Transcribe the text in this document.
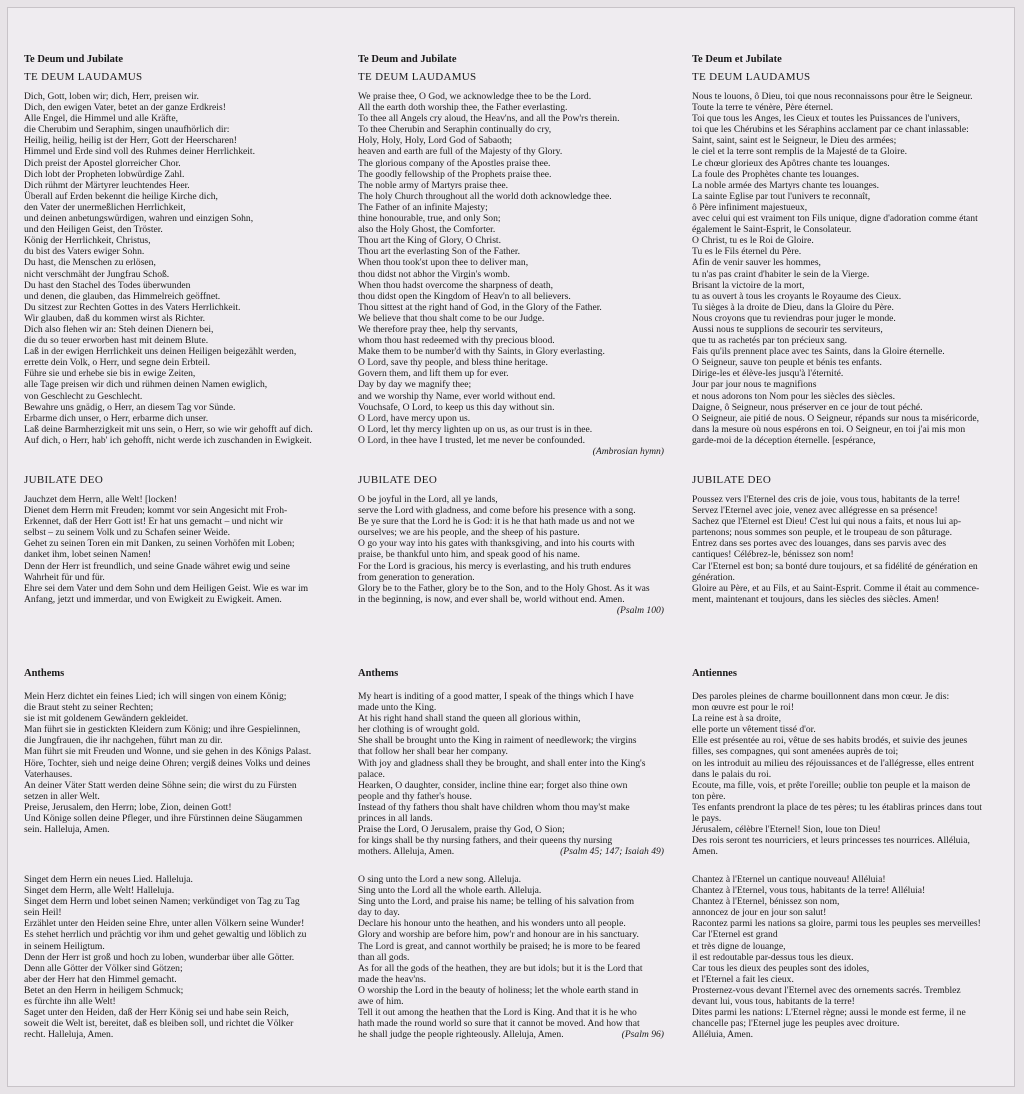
Te Deum und Jubilate
TE DEUM LAUDAMUS

Dich, Gott, loben wir; dich, Herr, preisen wir.
Dich, den ewigen Vater, betet an der ganze Erdkreis!
Alle Engel, die Himmel und alle Kräfte,
die Cherubim und Seraphim, singen unaufhörlich dir:
Heilig, heilig, heilig ist der Herr, Gott der Heerscharen!
Himmel und Erde sind voll des Ruhmes deiner Herrlichkeit.
Dich preist der Apostel glorreicher Chor.
Dich lobt der Propheten lobwürdige Zahl.
Dich rühmt der Märtyrer leuchtendes Heer.
Überall auf Erden bekennt die heilige Kirche dich,
den Vater der unermeßlichen Herrlichkeit,
und deinen anbetungswürdigen, wahren und einzigen Sohn,
und den Heiligen Geist, den Tröster.
König der Herrlichkeit, Christus,
du bist des Vaters ewiger Sohn.
Du hast, die Menschen zu erlösen,
nicht verschmäht der Jungfrau Schoß.
Du hast den Stachel des Todes überwunden
und denen, die glauben, das Himmelreich geöffnet.
Du sitzest zur Rechten Gottes in des Vaters Herrlichkeit.
Wir glauben, daß du kommen wirst als Richter.
Dich also flehen wir an: Steh deinen Dienern bei,
die du so teuer erworben hast mit deinem Blute.
Laß in der ewigen Herrlichkeit uns deinen Heiligen beigezählt werden,
errette dein Volk, o Herr, und segne dein Erbteil.
Führe sie und erhebe sie bis in ewige Zeiten,
alle Tage preisen wir dich und rühmen deinen Namen ewiglich,
von Geschlecht zu Geschlecht.
Bewahre uns gnädig, o Herr, an diesem Tag vor Sünde.
Erbarme dich unser, o Herr, erbarme dich unser.
Laß deine Barmherzigkeit mit uns sein, o Herr, so wie wir gehofft auf dich.
Auf dich, o Herr, hab' ich gehofft, nicht werde ich zuschanden in Ewigkeit.

JUBILATE DEO

Jauchzet dem Herrn, alle Welt! [locken!
Dienet dem Herrn mit Freuden; kommt vor sein Angesicht mit Froh-
Erkennet, daß der Herr Gott ist! Er hat uns gemacht – und nicht wir
selbst – zu seinem Volk und zu Schafen seiner Weide.
Gehet zu seinen Toren ein mit Danken, zu seinen Vorhöfen mit Loben;
danket ihm, lobet seinen Namen!
Denn der Herr ist freundlich, und seine Gnade währet ewig und seine
Wahrheit für und für.
Ehre sei dem Vater und dem Sohn und dem Heiligen Geist. Wie es war im
Anfang, jetzt und immerdar, und von Ewigkeit zu Ewigkeit. Amen.

Anthems

Mein Herz dichtet ein feines Lied; ich will singen von einem König;
die Braut steht zu seiner Rechten;
sie ist mit goldenem Gewändern gekleidet.
Man führt sie in gestickten Kleidern zum König; und ihre Gespielinnen,
die Jungfrauen, die ihr nachgehen, führt man zu dir.
Man führt sie mit Freuden und Wonne, und sie gehen in des Königs Palast.
Höre, Tochter, sieh und neige deine Ohren; vergiß deines Volks und deines
Vaterhauses.
An deiner Väter Statt werden deine Söhne sein; die wirst du zu Fürsten
setzen in aller Welt.
Preise, Jerusalem, den Herrn; lobe, Zion, deinen Gott!
Und Könige sollen deine Pfleger, und ihre Fürstinnen deine Säugammen
sein. Halleluja, Amen.

Singet dem Herrn ein neues Lied. Halleluja.
Singet dem Herrn, alle Welt! Halleluja.
Singet dem Herrn und lobet seinen Namen; verkündiget von Tag zu Tag
sein Heil!
Erzählet unter den Heiden seine Ehre, unter allen Völkern seine Wunder!
Es stehet herrlich und prächtig vor ihm und gehet gewaltig und löblich zu
in seinem Heiligtum.
Denn der Herr ist groß und hoch zu loben, wunderbar über alle Götter.
Denn alle Götter der Völker sind Götzen;
aber der Herr hat den Himmel gemacht.
Betet an den Herrn in heiligem Schmuck;
es fürchte ihn alle Welt!
Saget unter den Heiden, daß der Herr König sei und habe sein Reich,
soweit die Welt ist, bereitet, daß es bleiben soll, und richtet die Völker
recht. Halleluja, Amen.

Te Deum and Jubilate
TE DEUM LAUDAMUS

We praise thee, O God, we acknowledge thee to be the Lord.
All the earth doth worship thee, the Father everlasting.
To thee all Angels cry aloud, the Heav'ns, and all the Pow'rs therein.
To thee Cherubin and Seraphin continually do cry,
Holy, Holy, Holy, Lord God of Sabaoth;
heaven and earth are full of the Majesty of thy Glory.
The glorious company of the Apostles praise thee.
The goodly fellowship of the Prophets praise thee.
The noble army of Martyrs praise thee.
The holy Church throughout all the world doth acknowledge thee.
The Father of an infinite Majesty;
thine honourable, true, and only Son;
also the Holy Ghost, the Comforter.
Thou art the King of Glory, O Christ.
Thou art the everlasting Son of the Father.
When thou took'st upon thee to deliver man,
thou didst not abhor the Virgin's womb.
When thou hadst overcome the sharpness of death,
thou didst open the Kingdom of Heav'n to all believers.
Thou sittest at the right hand of God, in the Glory of the Father.
We believe that thou shalt come to be our Judge.
We therefore pray thee, help thy servants,
whom thou hast redeemed with thy precious blood.
Make them to be number'd with thy Saints, in Glory everlasting.
O Lord, save thy people, and bless thine heritage.
Govern them, and lift them up for ever.
Day by day we magnify thee;
and we worship thy Name, ever world without end.
Vouchsafe, O Lord, to keep us this day without sin.
O Lord, have mercy upon us.
O Lord, let thy mercy lighten up on us, as our trust is in thee.
O Lord, in thee have I trusted, let me never be confounded.

(Ambrosian hymn)
JUBILATE DEO

O be joyful in the Lord, all ye lands,
serve the Lord with gladness, and come before his presence with a song.
Be ye sure that the Lord he is God: it is he that hath made us and not we
ourselves; we are his people, and the sheep of his pasture.
O go your way into his gates with thanksgiving, and into his courts with
praise, be thankful unto him, and speak good of his name.
For the Lord is gracious, his mercy is everlasting, and his truth endures
from generation to generation.
Glory be to the Father, glory be to the Son, and to the Holy Ghost. As it was
in the beginning, is now, and ever shall be, world without end. Amen.

(Psalm 100)
Anthems

My heart is inditing of a good matter, I speak of the things which I have
made unto the King.
At his right hand shall stand the queen all glorious within,
her clothing is of wrought gold.
She shall be brought unto the King in raiment of needlework; the virgins
that follow her shall bear her company.
With joy and gladness shall they be brought, and shall enter into the King's
palace.
Hearken, O daughter, consider, incline thine ear; forget also thine own
people and thy father's house.
Instead of thy fathers thou shalt have children whom thou may'st make
princes in all lands.
Praise the Lord, O Jerusalem, praise thy God, O Sion;
for kings shall be thy nursing fathers, and their queens thy nursing
mothers. Alleluja, Amen.	(Psalm 45; 147; Isaiah 49)

O sing unto the Lord a new song. Alleluja.
Sing unto the Lord all the whole earth. Alleluja.
Sing unto the Lord, and praise his name; be telling of his salvation from
day to day.
Declare his honour unto the heathen, and his wonders unto all people.
Glory and worship are before him, pow'r and honour are in his sanctuary.
The Lord is great, and cannot worthily be praised; he is more to be feared
than all gods.
As for all the gods of the heathen, they are but idols; but it is the Lord that
made the heav'ns.
O worship the Lord in the beauty of holiness; let the whole earth stand in
awe of him.
Tell it out among the heathen that the Lord is King. And that it is he who
hath made the round world so sure that it cannot be moved. And how that
he shall judge the people righteously. Alleluja, Amen.	(Psalm 96)
Te Deum et Jubilate
TE DEUM LAUDAMUS

Nous te louons, ô Dieu, toi que nous reconnaissons pour être le Seigneur.
Toute la terre te vénère, Père éternel.
Toi que tous les Anges, les Cieux et toutes les Puissances de l'univers,
toi que les Chérubins et les Séraphins acclament par ce chant inlassable:
Saint, saint, saint est le Seigneur, le Dieu des armées;
le ciel et la terre sont remplis de la Majesté de ta Gloire.
Le chœur glorieux des Apôtres chante tes louanges.
La foule des Prophètes chante tes louanges.
La noble armée des Martyrs chante tes louanges.
La sainte Eglise par tout l'univers te reconnaît,
ô Père infiniment majestueux,
avec celui qui est vraiment ton Fils unique, digne d'adoration comme étant
également le Saint-Esprit, le Consolateur.
O Christ, tu es le Roi de Gloire.
Tu es le Fils éternel du Père.
Afin de venir sauver les hommes,
tu n'as pas craint d'habiter le sein de la Vierge.
Brisant la victoire de la mort,
tu as ouvert à tous les croyants le Royaume des Cieux.
Tu sièges à la droite de Dieu, dans la Gloire du Père.
Nous croyons que tu reviendras pour juger le monde.
Aussi nous te supplions de secourir tes serviteurs,
que tu as rachetés par ton précieux sang.
Fais qu'ils prennent place avec tes Saints, dans la Gloire éternelle.
O Seigneur, sauve ton peuple et bénis tes enfants.
Dirige-les et élève-les jusqu'à l'éternité.
Jour par jour nous te magnifions
et nous adorons ton Nom pour les siècles des siècles.
Daigne, ô Seigneur, nous préserver en ce jour de tout péché.
O Seigneur, aie pitié de nous. O Seigneur, répands sur nous ta miséricorde,
dans la mesure où nous espérons en toi. O Seigneur, en toi j'ai mis mon
garde-moi de la déception éternelle. [espérance,

JUBILATE DEO

Poussez vers l'Eternel des cris de joie, vous tous, habitants de la terre!
Servez l'Eternel avec joie, venez avec allégresse en sa présence!
Sachez que l'Eternel est Dieu! C'est lui qui nous a faits, et nous lui ap-
partenons; nous sommes son peuple, et le troupeau de son pâturage.
Entrez dans ses portes avec des louanges, dans ses parvis avec des
cantiques! Célébrez-le, bénissez son nom!
Car l'Eternel est bon; sa bonté dure toujours, et sa fidélité de génération en
génération.
Gloire au Père, et au Fils, et au Saint-Esprit. Comme il était au commence-
ment, maintenant et toujours, dans les siècles des siècles. Amen!

Antiennes

Des paroles pleines de charme bouillonnent dans mon cœur. Je dis:
mon œuvre est pour le roi!
La reine est à sa droite,
elle porte un vêtement tissé d'or.
Elle est présentée au roi, vêtue de ses habits brodés, et suivie des jeunes
filles, ses compagnes, qui sont amenées auprès de toi;
on les introduit au milieu des réjouissances et de l'allégresse, elles entrent
dans le palais du roi.
Ecoute, ma fille, vois, et prête l'oreille; oublie ton peuple et la maison de
ton père.
Tes enfants prendront la place de tes pères; tu les établiras princes dans tout
le pays.
Jérusalem, célèbre l'Eternel! Sion, loue ton Dieu!
Des rois seront tes nourriciers, et leurs princesses tes nourrices. Alléluia,
Amen.

Chantez à l'Eternel un cantique nouveau! Alléluia!
Chantez à l'Eternel, vous tous, habitants de la terre! Alléluia!
Chantez à l'Eternel, bénissez son nom,
annoncez de jour en jour son salut!
Racontez parmi les nations sa gloire, parmi tous les peuples ses merveilles!
Car l'Eternel est grand
et très digne de louange,
il est redoutable par-dessus tous les dieux.
Car tous les dieux des peuples sont des idoles,
et l'Eternel a fait les cieux.
Prosternez-vous devant l'Eternel avec des ornements sacrés. Tremblez
devant lui, vous tous, habitants de la terre!
Dites parmi les nations: L'Eternel règne; aussi le monde est ferme, il ne
chancelle pas; l'Eternel juge les peuples avec droiture.
Alléluia, Amen.
